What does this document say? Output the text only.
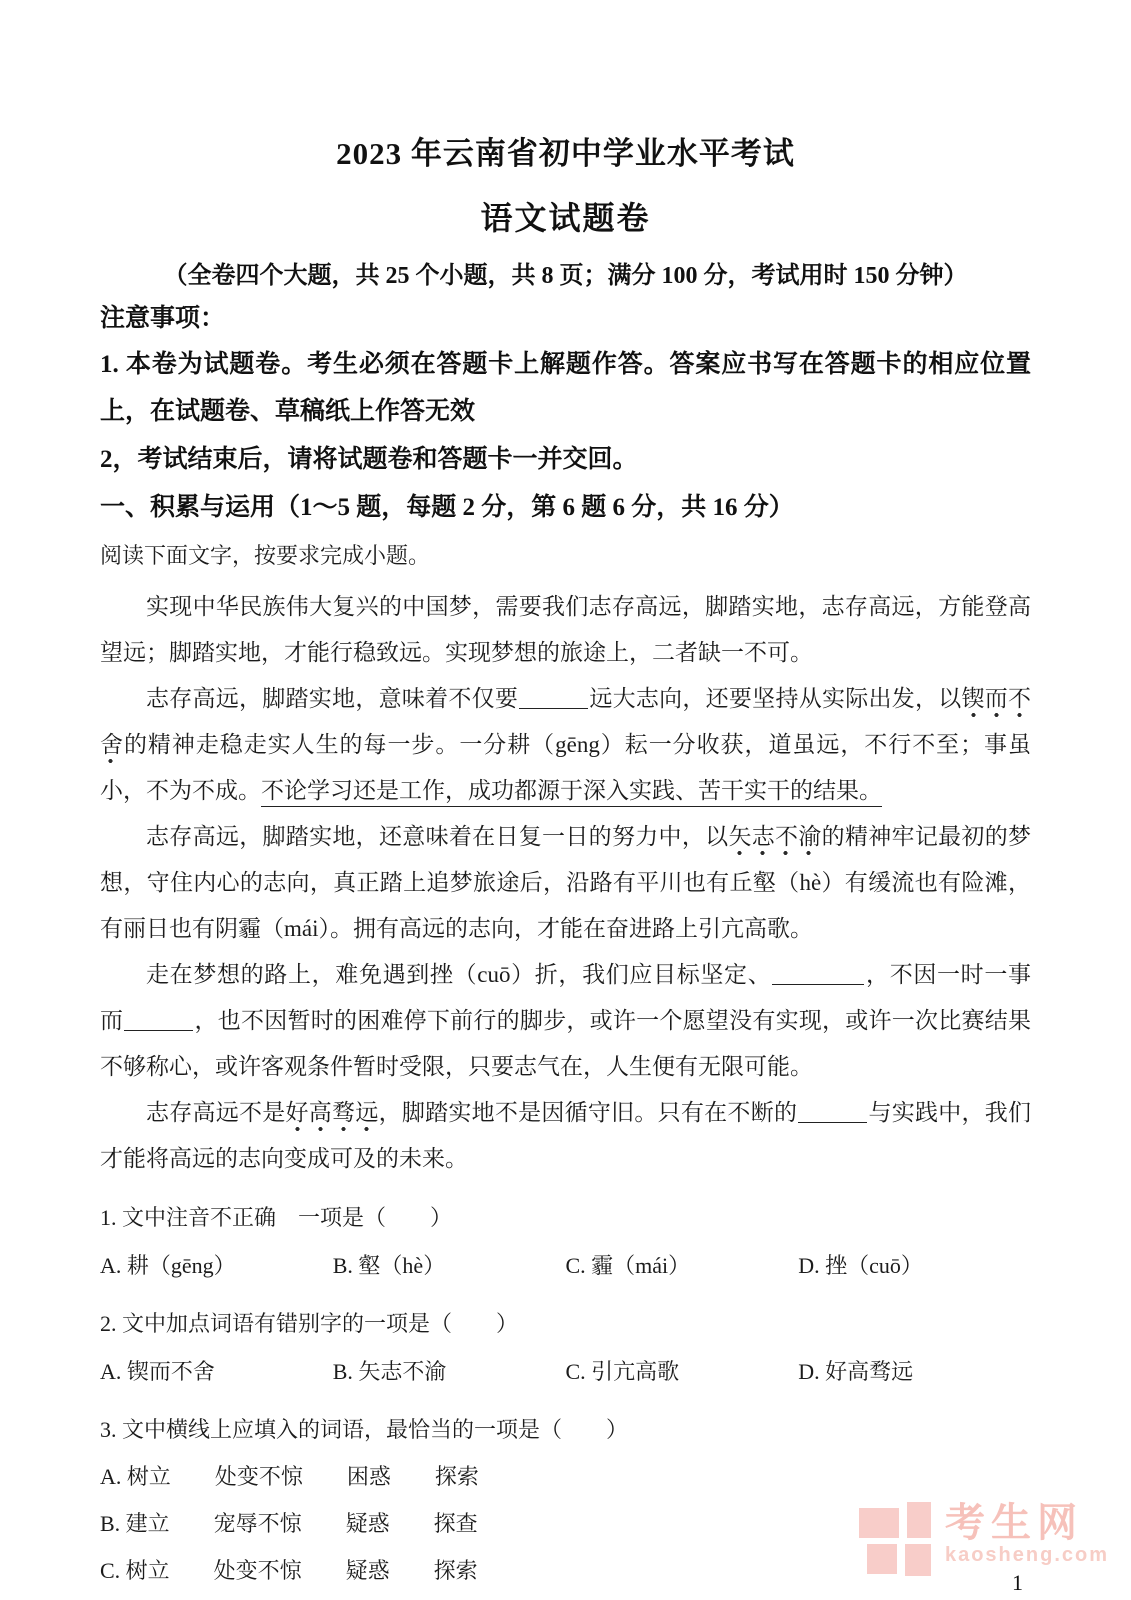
2023 年云南省初中学业水平考试
语文试题卷

（全卷四个大题，共 25 个小题，共 8 页；满分 100 分，考试用时 150 分钟）

注意事项：

1. 本卷为试题卷。考生必须在答题卡上解题作答。答案应书写在答题卡的相应位置上，在试题卷、草稿纸上作答无效

2，考试结束后，请将试题卷和答题卡一并交回。

一、积累与运用（1～5 题，每题 2 分，第 6 题 6 分，共 16 分）

阅读下面文字，按要求完成小题。

实现中华民族伟大复兴的中国梦，需要我们志存高远，脚踏实地，志存高远，方能登高望远；脚踏实地，才能行稳致远。实现梦想的旅途上，二者缺一不可。

志存高远，脚踏实地，意味着不仅要	远大志向，还要坚持从实际出发，以锲而不舍的精神走稳走实人生的每一步。一分耕（gēng）耘一分收获，道虽远，不行不至；事虽小，不为不成。不论学习还是工作，成功都源于深入实践、苦干实干的结果。

志存高远，脚踏实地，还意味着在日复一日的努力中，以矢志不渝的精神牢记最初的梦想，守住内心的志向，真正踏上追梦旅途后，沿路有平川也有丘壑（hè）有缓流也有险滩，有丽日也有阴霾（mái）。拥有高远的志向，才能在奋进路上引亢高歌。

走在梦想的路上，难免遇到挫（cuō）折，我们应目标坚定、	，不因一时一事而	，也不因暂时的困难停下前行的脚步，或许一个愿望没有实现，或许一次比赛结果不够称心，或许客观条件暂时受限，只要志气在，人生便有无限可能。

志存高远不是好高骛远，脚踏实地不是因循守旧。只有在不断的	与实践中，我们才能将高远的志向变成可及的未来。

1. 文中注音不正确　一项是（　　）

A. 耕（gēng）	B. 壑（hè）	C. 霾（mái）	D. 挫（cuō）

2. 文中加点词语有错别字的一项是（　　）

A. 锲而不舍	B. 矢志不渝	C. 引亢高歌	D. 好高骛远

3. 文中横线上应填入的词语，最恰当的一项是（　　）

A. 树立　　处变不惊　　困惑　　探索

B. 建立　　宠辱不惊　　疑惑　　探查

C. 树立　　处变不惊　　疑惑　　探索

考生网
kaosheng.com
1
